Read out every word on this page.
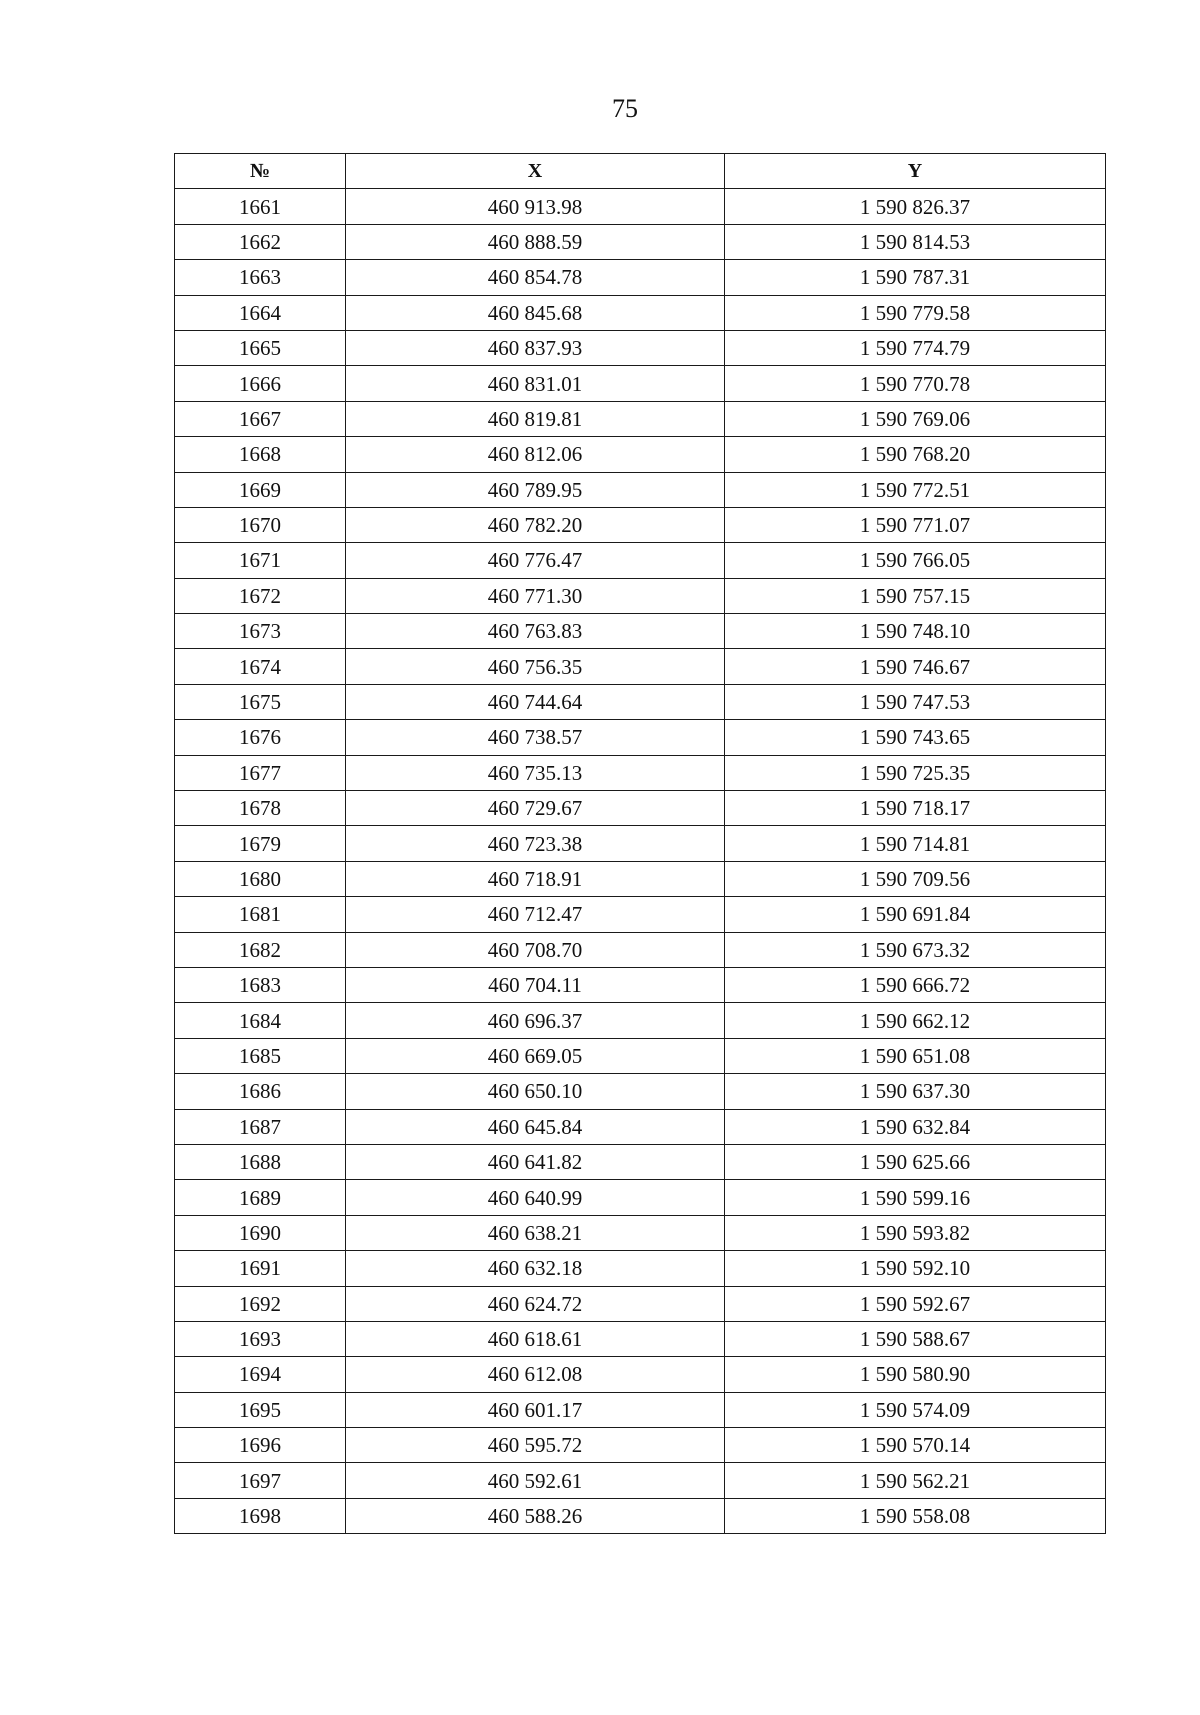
75
№	X	Y
1661	460 913.98	1 590 826.37
1662	460 888.59	1 590 814.53
1663	460 854.78	1 590 787.31
1664	460 845.68	1 590 779.58
1665	460 837.93	1 590 774.79
1666	460 831.01	1 590 770.78
1667	460 819.81	1 590 769.06
1668	460 812.06	1 590 768.20
1669	460 789.95	1 590 772.51
1670	460 782.20	1 590 771.07
1671	460 776.47	1 590 766.05
1672	460 771.30	1 590 757.15
1673	460 763.83	1 590 748.10
1674	460 756.35	1 590 746.67
1675	460 744.64	1 590 747.53
1676	460 738.57	1 590 743.65
1677	460 735.13	1 590 725.35
1678	460 729.67	1 590 718.17
1679	460 723.38	1 590 714.81
1680	460 718.91	1 590 709.56
1681	460 712.47	1 590 691.84
1682	460 708.70	1 590 673.32
1683	460 704.11	1 590 666.72
1684	460 696.37	1 590 662.12
1685	460 669.05	1 590 651.08
1686	460 650.10	1 590 637.30
1687	460 645.84	1 590 632.84
1688	460 641.82	1 590 625.66
1689	460 640.99	1 590 599.16
1690	460 638.21	1 590 593.82
1691	460 632.18	1 590 592.10
1692	460 624.72	1 590 592.67
1693	460 618.61	1 590 588.67
1694	460 612.08	1 590 580.90
1695	460 601.17	1 590 574.09
1696	460 595.72	1 590 570.14
1697	460 592.61	1 590 562.21
1698	460 588.26	1 590 558.08
